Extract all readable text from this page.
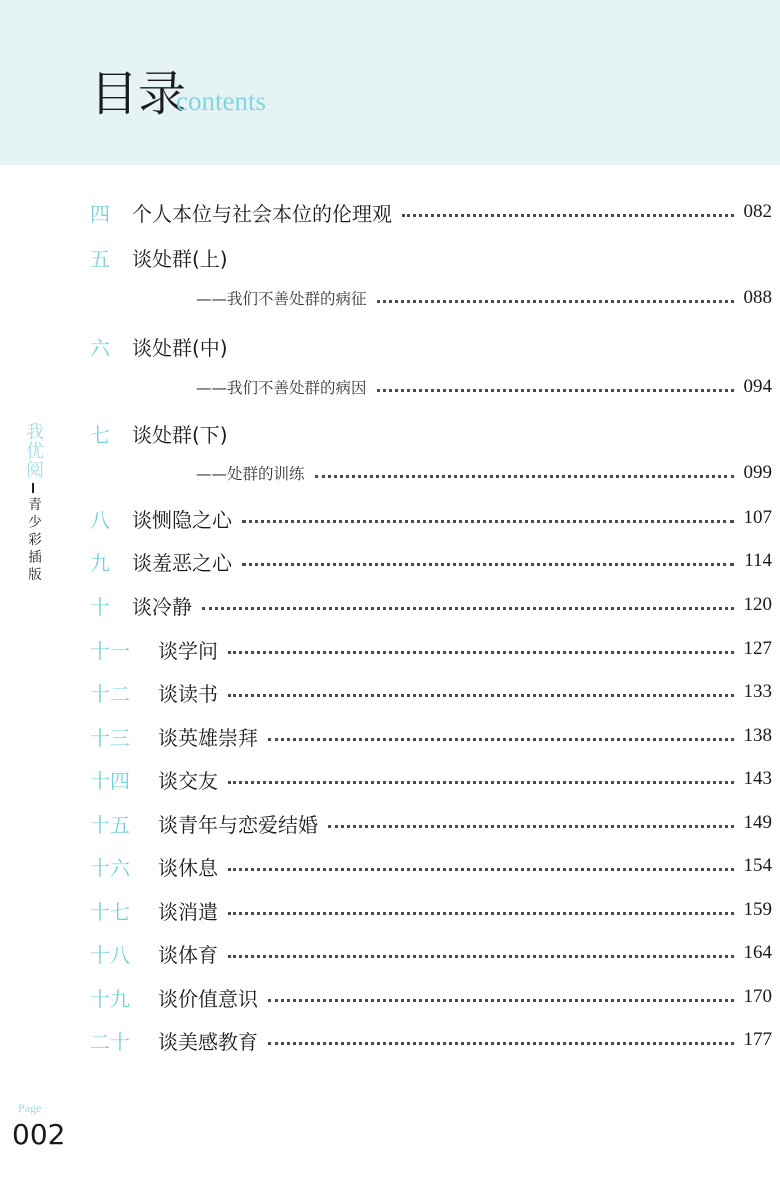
目录
contents
四	个人本位与社会本位的伦理观	082
五	谈处群(上)
——我们不善处群的病征	088
六	谈处群(中)
——我们不善处群的病因	094
七	谈处群(下)
——处群的训练	099
八	谈恻隐之心	107
九	谈羞恶之心	114
十	谈冷静	120
十一	谈学问	127
十二	谈读书	133
十三	谈英雄崇拜	138
十四	谈交友	143
十五	谈青年与恋爱结婚	149
十六	谈休息	154
十七	谈消遣	159
十八	谈体育	164
十九	谈价值意识	170
二十	谈美感教育	177
我优阅
青少彩插版
Page
002
